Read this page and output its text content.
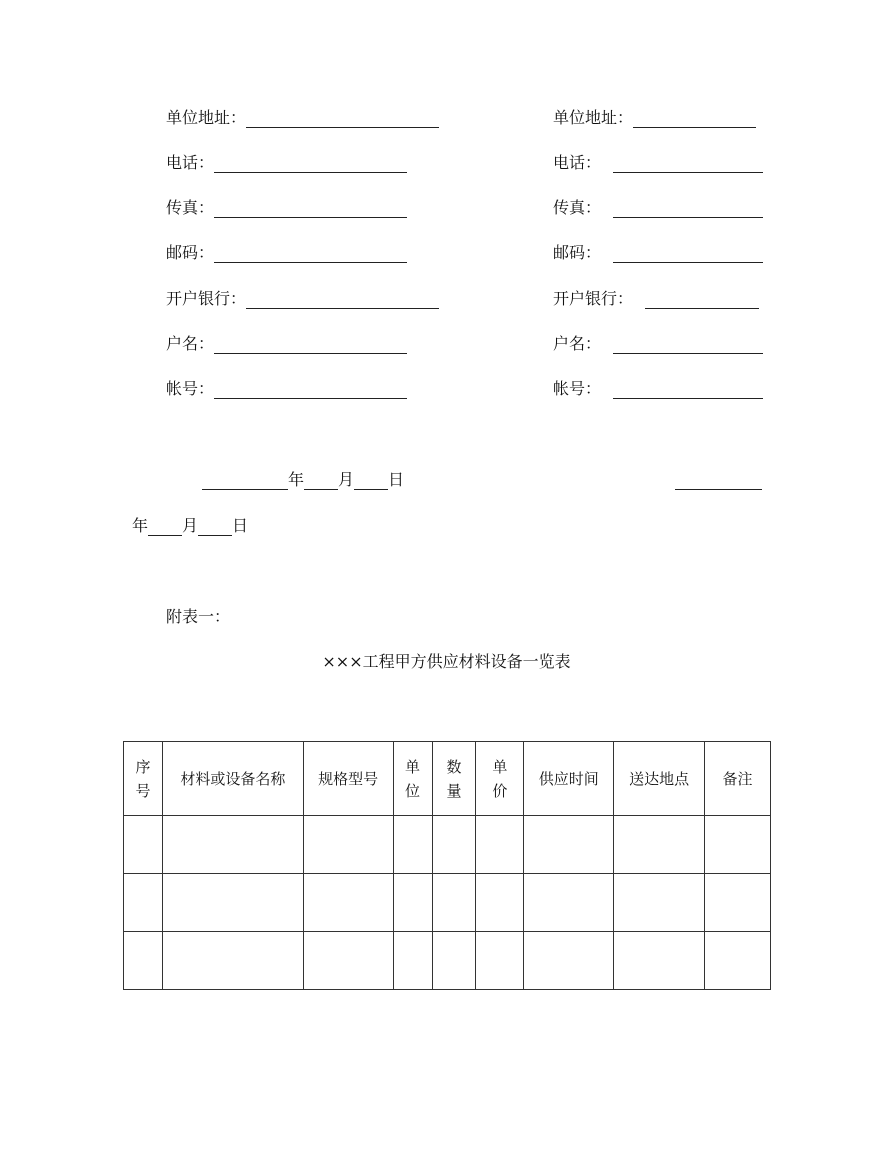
单位地址：
电话：
传真：
邮码：
开户银行：
户名：
帐号：
单位地址：
电话：
传真：
邮码：
开户银行：
户名：
帐号：
年 月 日
年 月 日
附表一：
×××工程甲方供应材料设备一览表
序号	材料或设备名称	规格型号	单位	数量	单价	供应时间	送达地点	备注
